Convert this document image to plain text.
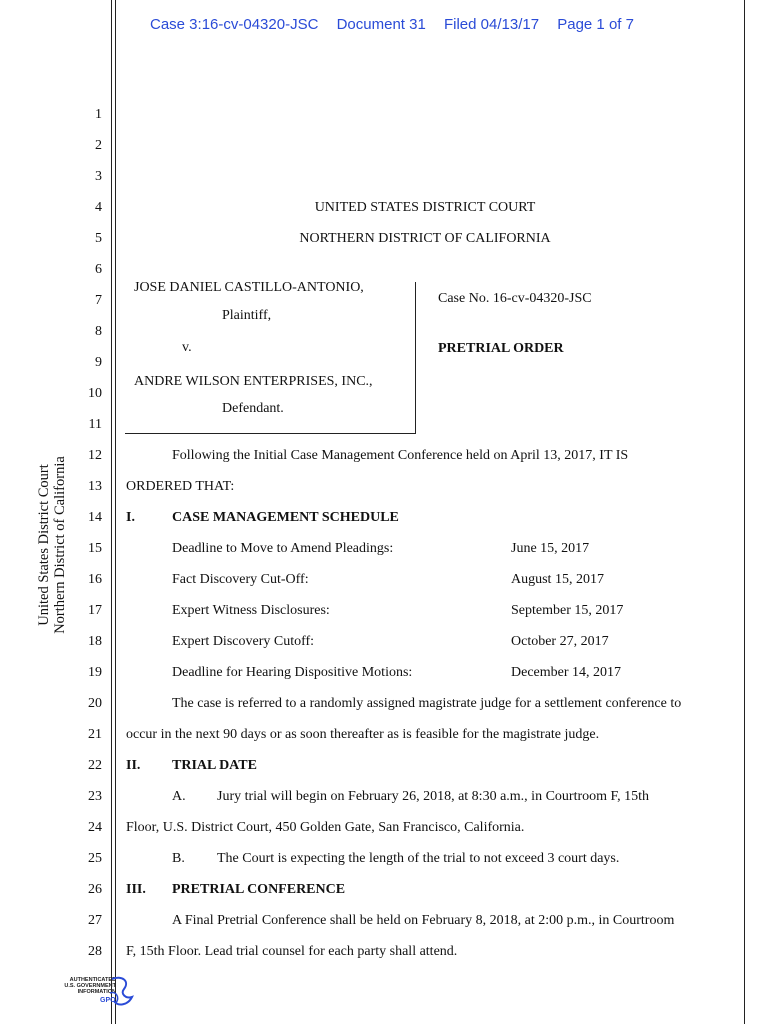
Case 3:16-cv-04320-JSC Document 31 Filed 04/13/17 Page 1 of 7
United States District Court Northern District of California
1
2
3
4
5
6
7
8
9
10
11
12
13
14
15
16
17
18
19
20
21
22
23
24
25
26
27
28
UNITED STATES DISTRICT COURT
NORTHERN DISTRICT OF CALIFORNIA
JOSE DANIEL CASTILLO-ANTONIO,
Plaintiff,
v.
ANDRE WILSON ENTERPRISES, INC.,
Defendant.
Case No. 16-cv-04320-JSC
PRETRIAL ORDER
Following the Initial Case Management Conference held on April 13, 2017, IT IS
ORDERED THAT:
I.	CASE MANAGEMENT SCHEDULE
Deadline to Move to Amend Pleadings:	June 15, 2017
Fact Discovery Cut-Off:	August 15, 2017
Expert Witness Disclosures:	September 15, 2017
Expert Discovery Cutoff:	October 27, 2017
Deadline for Hearing Dispositive Motions:	December 14, 2017
The case is referred to a randomly assigned magistrate judge for a settlement conference to
occur in the next 90 days or as soon thereafter as is feasible for the magistrate judge.
II. TRIAL DATE
A. Jury trial will begin on February 26, 2018, at 8:30 a.m., in Courtroom F, 15th
Floor, U.S. District Court, 450 Golden Gate, San Francisco, California.
B. The Court is expecting the length of the trial to not exceed 3 court days.
III. PRETRIAL CONFERENCE
A Final Pretrial Conference shall be held on February 8, 2018, at 2:00 p.m., in Courtroom
F, 15th Floor. Lead trial counsel for each party shall attend.
AUTHENTICATED
U.S. GOVERNMENT
INFORMATION
GPO
